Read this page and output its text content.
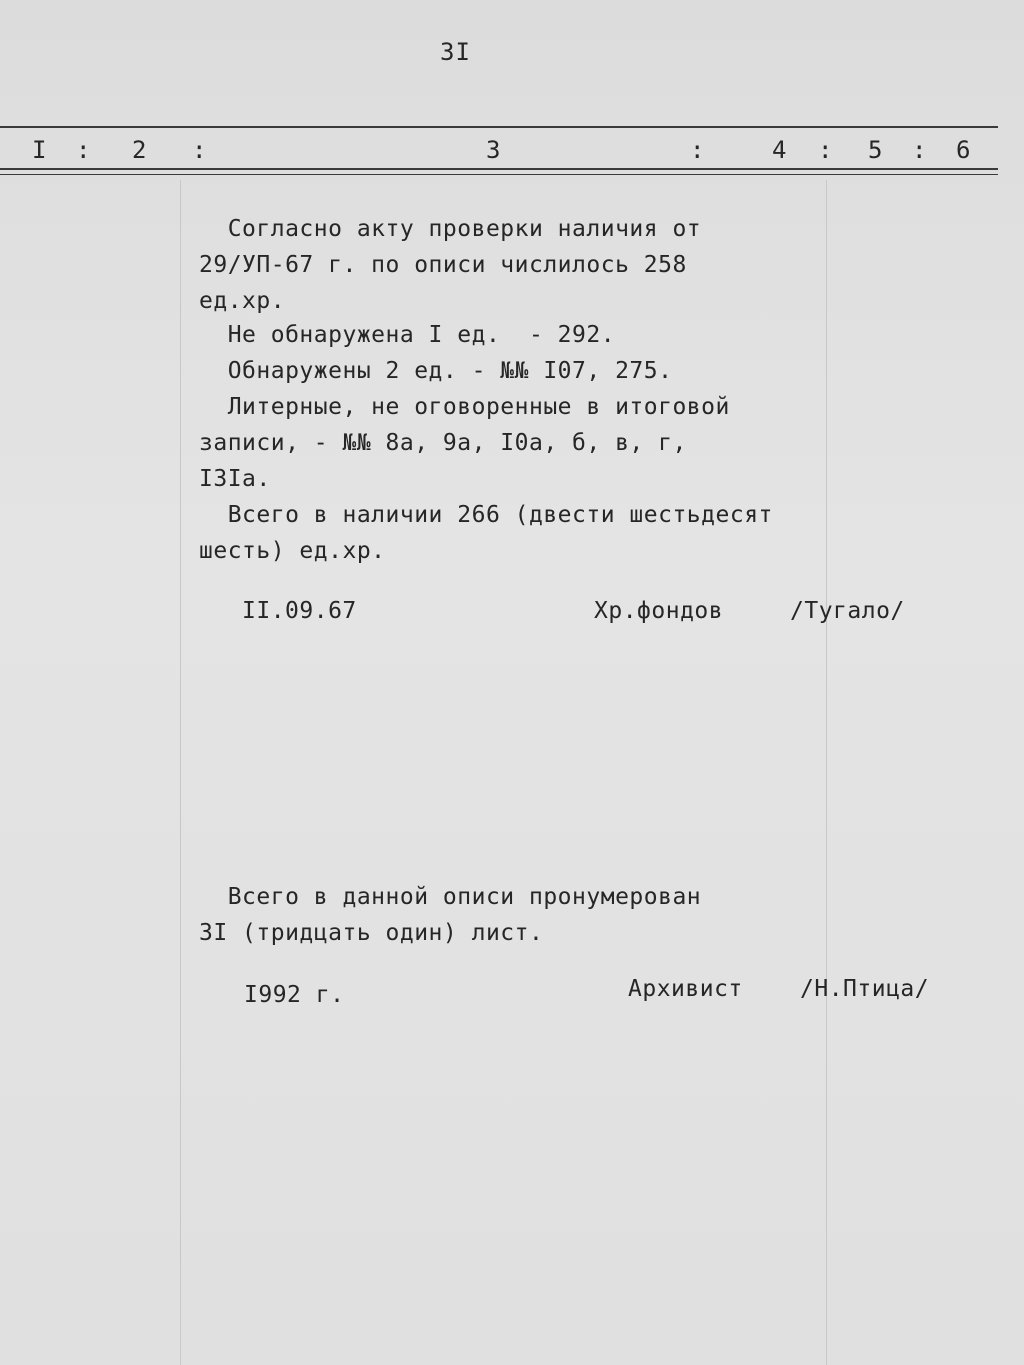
3I
I : 2 :	3	:	4 : 5 : 6
Согласно акту проверки наличия от
29/УП-67 г. по описи числилось 258
ед.хр.
Не обнаружена I ед.  - 292.
Обнаружены 2 ед. - №№ I07, 275.
Литерные, не оговоренные в итоговой
записи, - №№ 8а, 9а, I0а, б, в, г,
I3Iа.
Всего в наличии 266 (двести шестьдесят
шесть) ед.хр.
II.09.67	Хр.фондов	/Тугало/
Всего в данной описи пронумерован
3I (тридцать один) лист.
I992 г.	Архивист /Н.Птица/
